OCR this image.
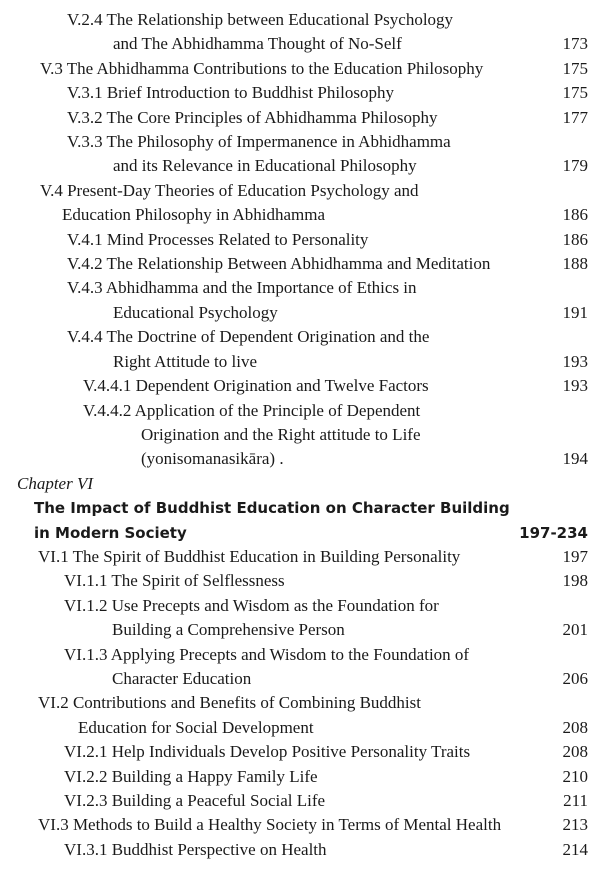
V.2.4 The Relationship between Educational Psychology
and The Abhidhamma Thought of No-Self	173
V.3 The Abhidhamma Contributions to the Education Philosophy	175
V.3.1 Brief Introduction to Buddhist Philosophy	175
V.3.2 The Core Principles of Abhidhamma Philosophy	177
V.3.3 The Philosophy of Impermanence in Abhidhamma
and its Relevance in Educational Philosophy	179
V.4 Present-Day Theories of Education Psychology and
Education Philosophy in Abhidhamma	186
V.4.1 Mind Processes Related to Personality	186
V.4.2 The Relationship Between Abhidhamma and Meditation	188
V.4.3 Abhidhamma and the Importance of Ethics in
Educational Psychology	191
V.4.4 The Doctrine of Dependent Origination and the
Right Attitude to live	193
V.4.4.1 Dependent Origination and Twelve Factors	193
V.4.4.2 Application of the Principle of Dependent
Origination and the Right attitude to Life
(yonisomanasikāra) .	194
Chapter VI
The Impact of Buddhist Education on Character Building
in Modern Society	197-234
VI.1 The Spirit of Buddhist Education in Building Personality	197
VI.1.1 The Spirit of Selflessness	198
VI.1.2 Use Precepts and Wisdom as the Foundation for
Building a Comprehensive Person	201
VI.1.3 Applying Precepts and Wisdom to the Foundation of
Character Education	206
VI.2 Contributions and Benefits of Combining Buddhist
Education for Social Development	208
VI.2.1 Help Individuals Develop Positive Personality Traits	208
VI.2.2 Building a Happy Family Life	210
VI.2.3 Building a Peaceful Social Life	211
VI.3 Methods to Build a Healthy Society in Terms of Mental Health	213
VI.3.1 Buddhist Perspective on Health	214
